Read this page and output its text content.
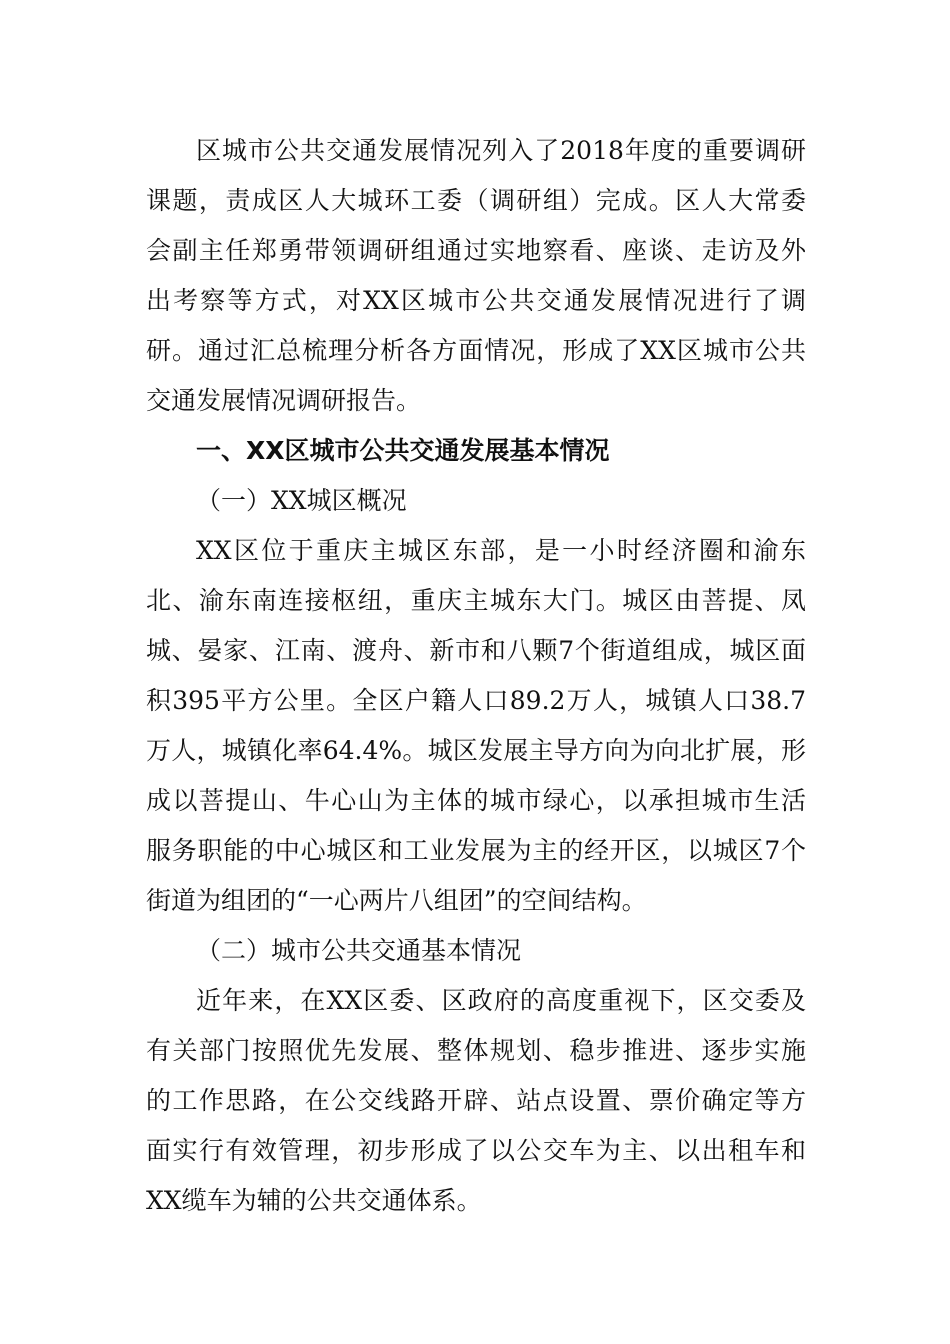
区城市公共交通发展情况列入了2018年度的重要调研
课题，责成区人大城环工委（调研组）完成。区人大常委
会副主任郑勇带领调研组通过实地察看、座谈、走访及外
出考察等方式，对XX区城市公共交通发展情况进行了调
研。通过汇总梳理分析各方面情况，形成了XX区城市公共
交通发展情况调研报告。
一、XX区城市公共交通发展基本情况
（一）XX城区概况
XX区位于重庆主城区东部，是一小时经济圈和渝东
北、渝东南连接枢纽，重庆主城东大门。城区由菩提、凤
城、晏家、江南、渡舟、新市和八颗7个街道组成，城区面
积395平方公里。全区户籍人口89.2万人，城镇人口38.7
万人，城镇化率64.4%。城区发展主导方向为向北扩展，形
成以菩提山、牛心山为主体的城市绿心，以承担城市生活
服务职能的中心城区和工业发展为主的经开区，以城区7个
街道为组团的“一心两片八组团”的空间结构。
（二）城市公共交通基本情况
近年来，在XX区委、区政府的高度重视下，区交委及
有关部门按照优先发展、整体规划、稳步推进、逐步实施
的工作思路，在公交线路开辟、站点设置、票价确定等方
面实行有效管理，初步形成了以公交车为主、以出租车和
XX缆车为辅的公共交通体系。
